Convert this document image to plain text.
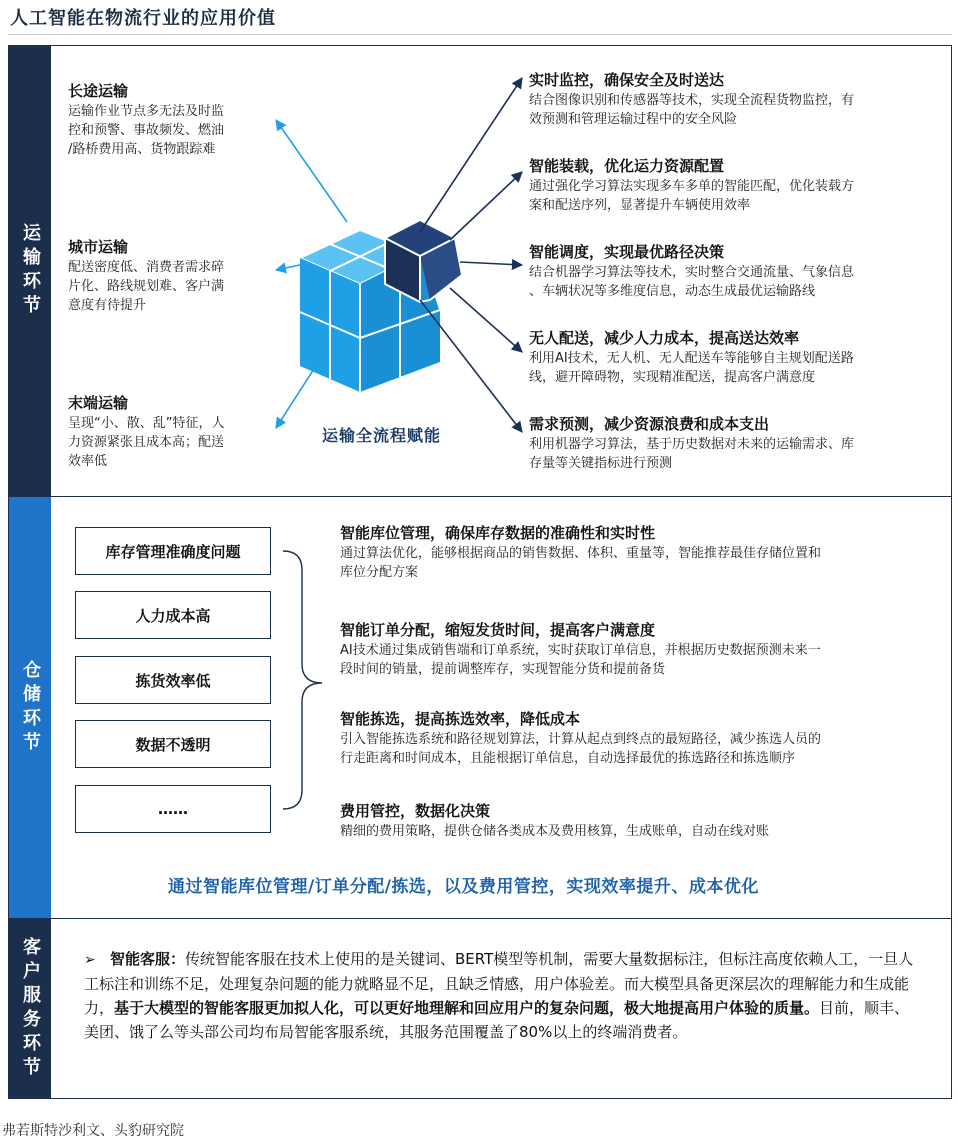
人工智能在物流行业的应用价值
运输环节
长途运输
运输作业节点多无法及时监
控和预警、事故频发、燃油
/路桥费用高、货物跟踪难
城市运输
配送密度低、消费者需求碎
片化、路线规划难、客户满
意度有待提升
末端运输
呈现“小、散、乱”特征，人
力资源紧张且成本高；配送
效率低
实时监控，确保安全及时送达
结合图像识别和传感器等技术，实现全流程货物监控，有
效预测和管理运输过程中的安全风险
智能装载，优化运力资源配置
通过强化学习算法实现多车多单的智能匹配，优化装载方
案和配送序列，显著提升车辆使用效率
智能调度，实现最优路径决策
结合机器学习算法等技术，实时整合交通流量、气象信息
、车辆状况等多维度信息，动态生成最优运输路线
无人配送，减少人力成本，提高送达效率
利用AI技术，无人机、无人配送车等能够自主规划配送路
线，避开障碍物，实现精准配送，提高客户满意度
需求预测，减少资源浪费和成本支出
利用机器学习算法，基于历史数据对未来的运输需求、库
存量等关键指标进行预测
运输全流程赋能
仓储环节
库存管理准确度问题
人力成本高
拣货效率低
数据不透明
……
智能库位管理，确保库存数据的准确性和实时性
通过算法优化，能够根据商品的销售数据、体积、重量等，智能推荐最佳存储位置和
库位分配方案
智能订单分配，缩短发货时间，提高客户满意度
AI技术通过集成销售端和订单系统，实时获取订单信息，并根据历史数据预测未来一
段时间的销量，提前调整库存，实现智能分货和提前备货
智能拣选，提高拣选效率，降低成本
引入智能拣选系统和路径规划算法，计算从起点到终点的最短路径，减少拣选人员的
行走距离和时间成本，且能根据订单信息，自动选择最优的拣选路径和拣选顺序
费用管控，数据化决策
精细的费用策略，提供仓储各类成本及费用核算，生成账单，自动在线对账
通过智能库位管理/订单分配/拣选，以及费用管控，实现效率提升、成本优化
客户服务环节	➢ 智能客服：传统智能客服在技术上使用的是关键词、BERT模型等机制，需要大量数据标注，但标注高度依赖人工，一旦人工标注和训练不足，处理复杂问题的能力就略显不足，且缺乏情感，用户体验差。而大模型具备更深层次的理解能力和生成能力，基于大模型的智能客服更加拟人化，可以更好地理解和回应用户的复杂问题，极大地提高用户体验的质量。目前，顺丰、美团、饿了么等头部公司均布局智能客服系统，其服务范围覆盖了80%以上的终端消费者。
弗若斯特沙利文、头豹研究院
